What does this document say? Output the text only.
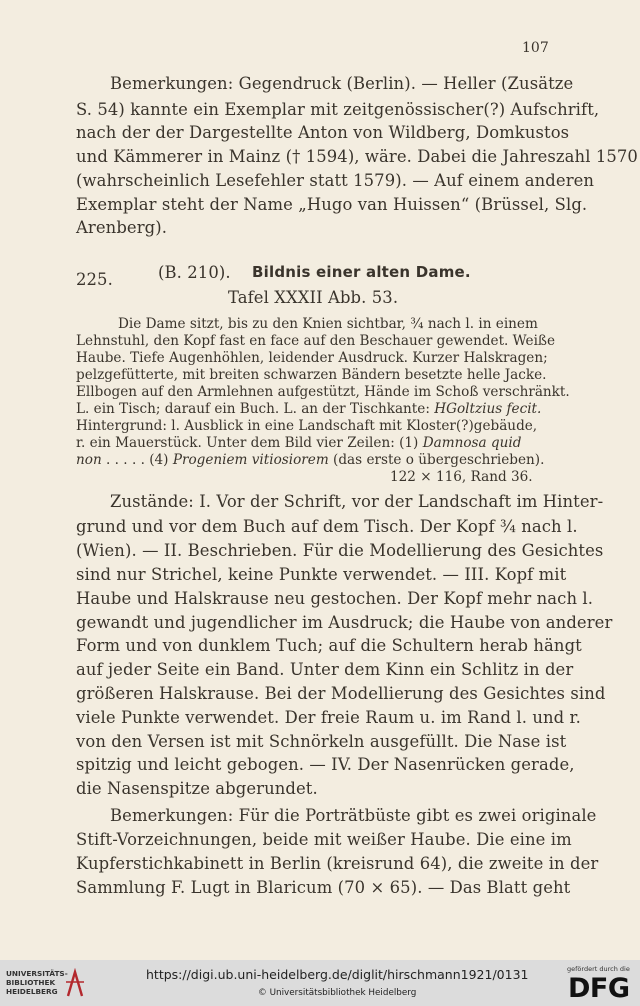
107

Bemerkungen: Gegendruck (Berlin). — Heller (Zusätze

S. 54) kannte ein Exemplar mit zeitgenössischer(?) Aufschrift,

nach der der Dargestellte Anton von Wildberg, Domkustos

und Kämmerer in Mainz († 1594), wäre. Dabei die Jahreszahl 1570

(wahrscheinlich Lesefehler statt 1579). — Auf einem anderen

Exemplar steht der Name „Hugo van Huissen“ (Brüssel, Slg.

Arenberg).

225.	(B. 210). Bildnis einer alten Dame.

Tafel XXXII Abb. 53.

Die Dame sitzt, bis zu den Knien sichtbar, ¾ nach l. in einem

Lehnstuhl, den Kopf fast en face auf den Beschauer gewendet. Weiße

Haube. Tiefe Augenhöhlen, leidender Ausdruck. Kurzer Halskragen;

pelzgefütterte, mit breiten schwarzen Bändern besetzte helle Jacke.

Ellbogen auf den Armlehnen aufgestützt, Hände im Schoß verschränkt.

L. ein Tisch; darauf ein Buch. L. an der Tischkante: HGoltzius fecit.

Hintergrund: l. Ausblick in eine Landschaft mit Kloster(?)gebäude,

r. ein Mauerstück. Unter dem Bild vier Zeilen: (1) Damnosa quid

non . . . . . (4) Progeniem vitiosiorem (das erste o übergeschrieben).

122 × 116, Rand 36.

Zustände: I. Vor der Schrift, vor der Landschaft im Hinter-

grund und vor dem Buch auf dem Tisch. Der Kopf ¾ nach l.

(Wien). — II. Beschrieben. Für die Modellierung des Gesichtes

sind nur Strichel, keine Punkte verwendet. — III. Kopf mit

Haube und Halskrause neu gestochen. Der Kopf mehr nach l.

gewandt und jugendlicher im Ausdruck; die Haube von anderer

Form und von dunklem Tuch; auf die Schultern herab hängt

auf jeder Seite ein Band. Unter dem Kinn ein Schlitz in der

größeren Halskrause. Bei der Modellierung des Gesichtes sind

viele Punkte verwendet. Der freie Raum u. im Rand l. und r.

von den Versen ist mit Schnörkeln ausgefüllt. Die Nase ist

spitzig und leicht gebogen. — IV. Der Nasenrücken gerade,

die Nasenspitze abgerundet.

Bemerkungen: Für die Porträtbüste gibt es zwei originale

Stift-Vorzeichnungen, beide mit weißer Haube. Die eine im

Kupferstichkabinett in Berlin (kreisrund 64), die zweite in der

Sammlung F. Lugt in Blaricum (70 × 65). — Das Blatt geht

UNIVERSITÄTS-
BIBLIOTHEK
HEIDELBERG
https://digi.ub.uni-heidelberg.de/diglit/hirschmann1921/0131
© Universitätsbibliothek Heidelberg
gefördert durch die
DFG
